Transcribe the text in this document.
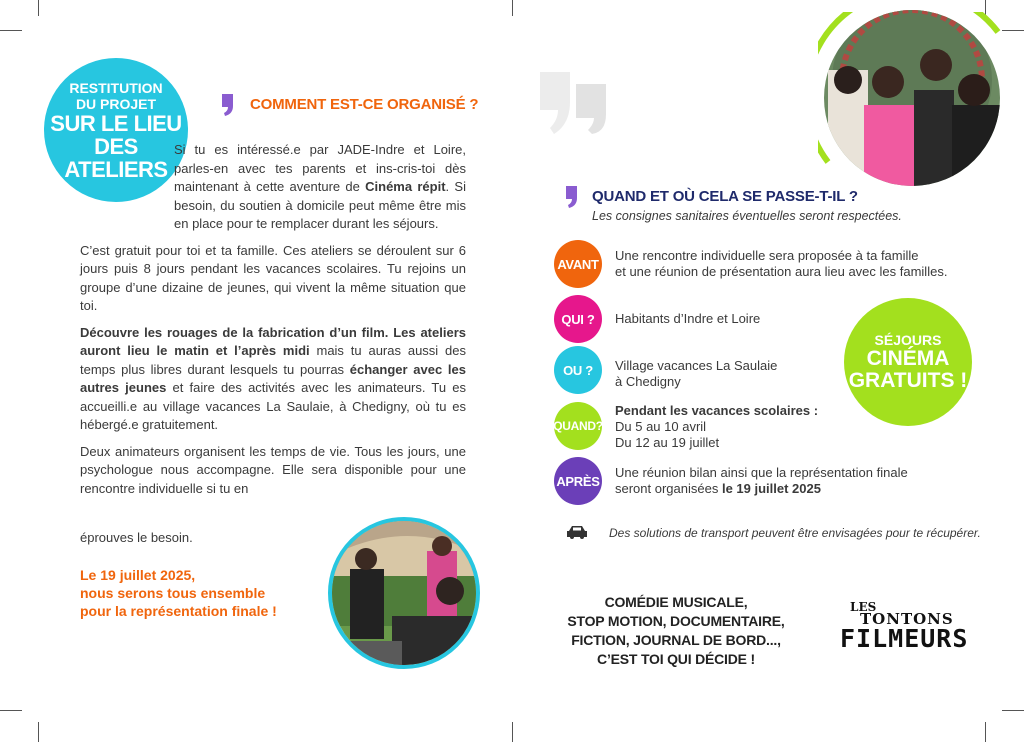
RESTITUTION
DU PROJET
SUR LE LIEU
DES ATELIERS
COMMENT EST-CE ORGANISÉ ?

Si tu es intéressé.e par JADE-Indre et Loire, parles-en avec tes parents et ins-cris-toi dès maintenant à cette aventure de Cinéma répit. Si besoin, du soutien à domicile peut même être mis en place pour te remplacer durant les séjours.

C’est gratuit pour toi et ta famille. Ces ateliers se déroulent sur 6 jours puis 8 jours pendant les vacances scolaires. Tu rejoins un groupe d’une dizaine de jeunes, qui vivent la même situation que toi.

Découvre les rouages de la fabrication d’un film. Les ateliers auront lieu le matin et l’après midi mais tu auras aussi des temps plus libres durant lesquels tu pourras échanger avec les autres jeunes et faire des activités avec les animateurs. Tu es accueilli.e au village vacances La Saulaie, à Chedigny, où tu es hébergé.e gratuitement.

Deux animateurs organisent les temps de vie. Tous les jours, une psychologue nous accompagne. Elle sera disponible pour une rencontre individuelle si tu en

éprouves le besoin.
Le 19 juillet 2025,
nous serons tous ensemble
pour la représentation finale !
QUAND ET OÙ CELA SE PASSE-T-IL ?
Les consignes sanitaires éventuelles seront respectées.
AVANT
Une rencontre individuelle sera proposée à ta famille
et une réunion de présentation aura lieu avec les familles.
QUI ?	Habitants d’Indre et Loire
OU ?	Village vacances La Saulaie
à Chedigny
QUAND?
Pendant les vacances scolaires :
Du 5 au 10 avril
Du 12 au 19 juillet
APRÈS
Une réunion bilan ainsi que la représentation finale
seront organisées le 19 juillet 2025
SÉJOURS
CINÉMA
GRATUITS !
Des solutions de transport peuvent être envisagées pour te récupérer.
COMÉDIE MUSICALE,
STOP MOTION, DOCUMENTAIRE,
FICTION, JOURNAL DE BORD...,
C’EST TOI QUI DÉCIDE !
LES
TONTONS
FILMEURS
